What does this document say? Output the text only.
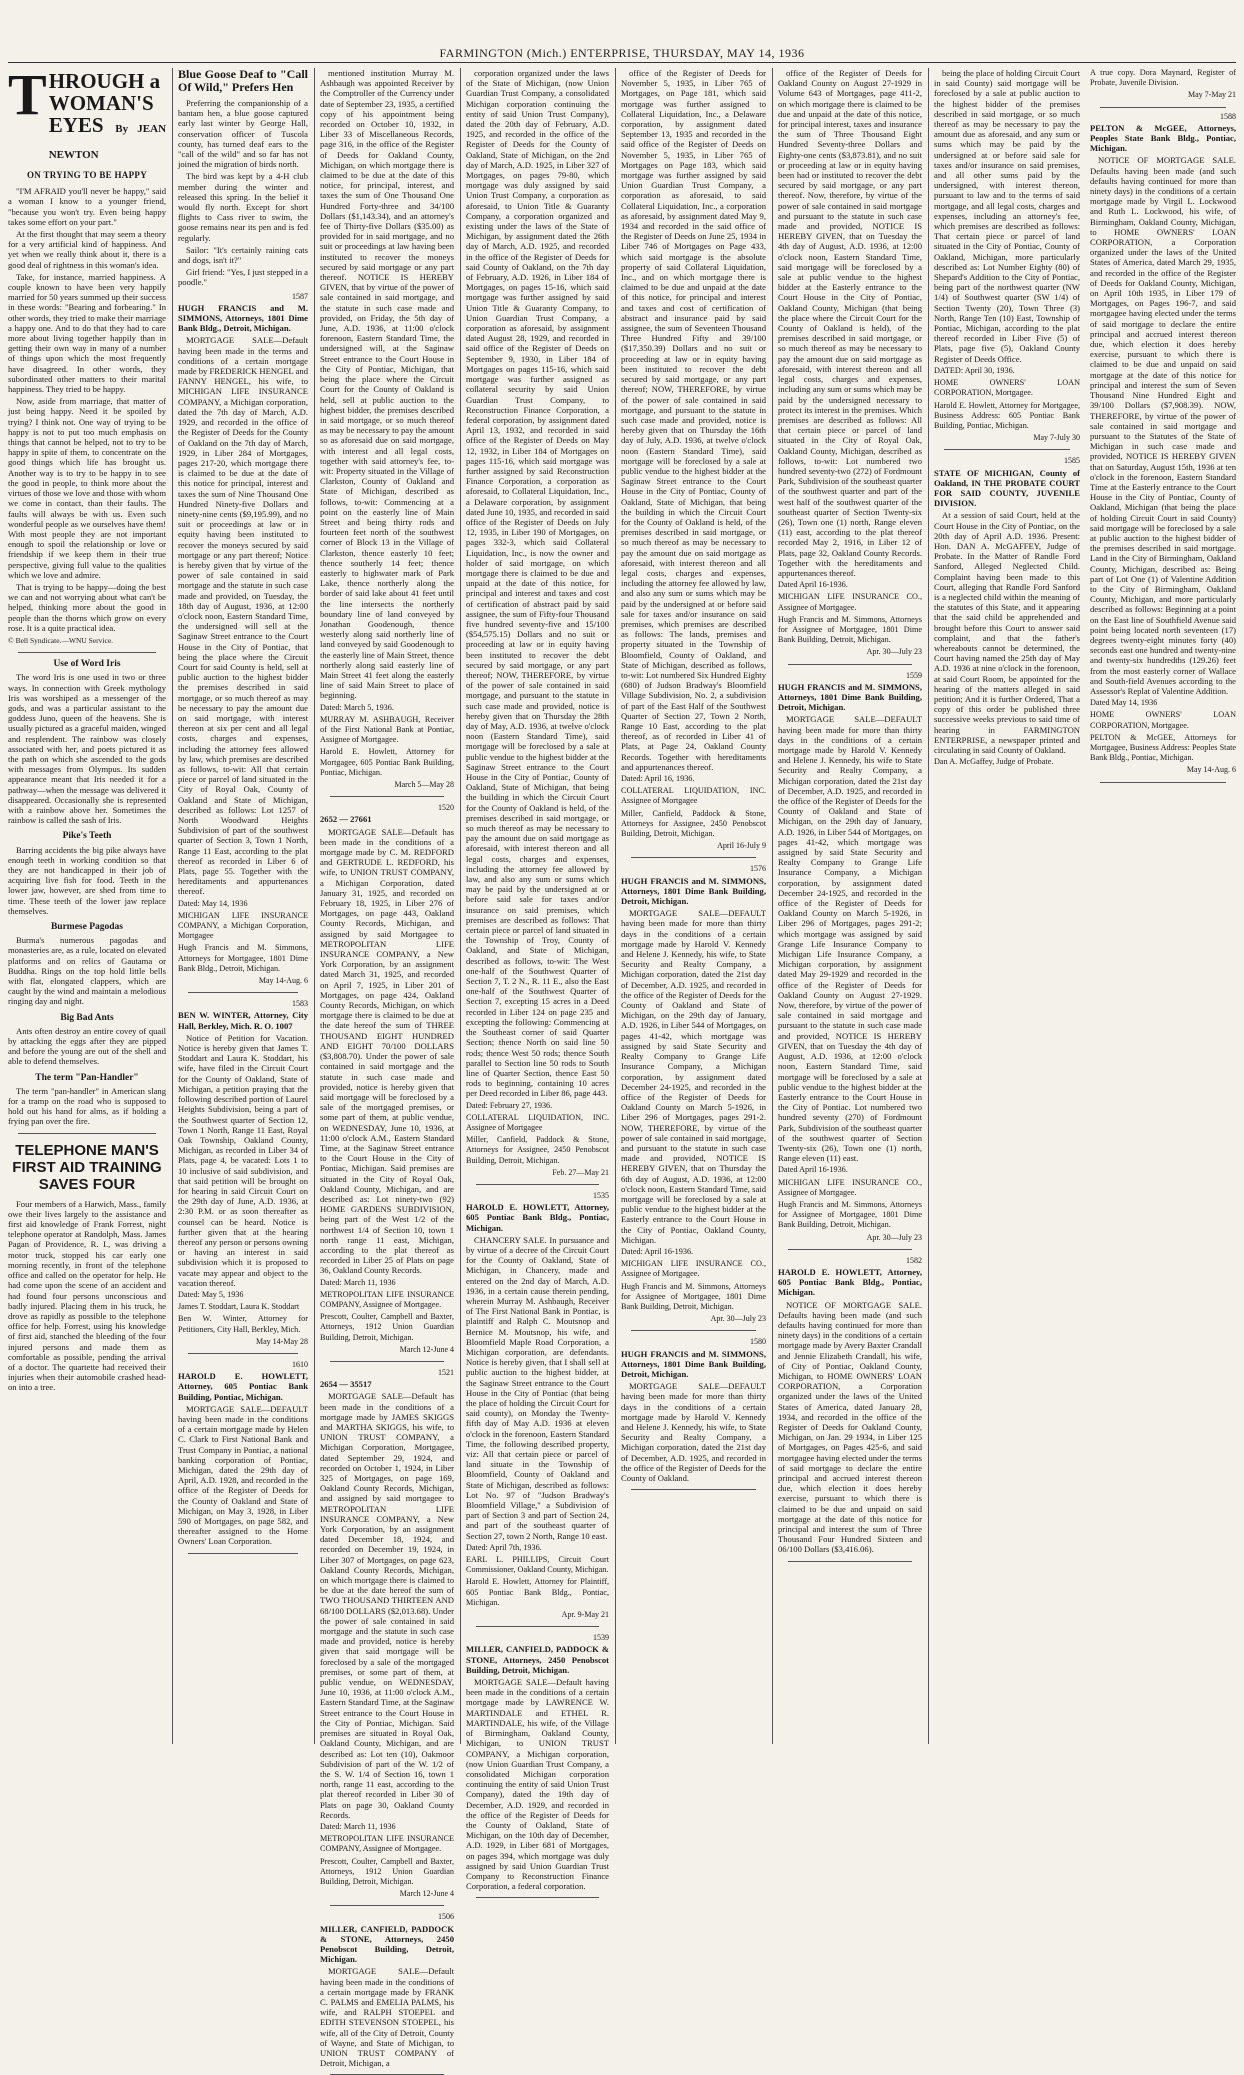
FARMINGTON (Mich.) ENTERPRISE, THURSDAY, MAY 14, 1936
T HROUGH a
WOMAN'S
EYES By JEAN NEWTON
ON TRYING TO BE HAPPY

"I'M AFRAID you'll never be happy," said a woman I know to a younger friend, "because you won't try. Even being happy takes some effort on your part."

At the first thought that may seem a theory for a very artificial kind of happiness. And yet when we really think about it, there is a good deal of rightness in this woman's idea.

Take, for instance, married happiness. A couple known to have been very happily married for 50 years summed up their success in these words: "Bearing and forbearing." In other words, they tried to make their marriage a happy one. And to do that they had to care more about living together happily than in getting their own way in many of a number of things upon which the most frequently have disagreed. In other words, they subordinated other matters to their marital happiness. They tried to be happy.

Now, aside from marriage, that matter of just being happy. Need it be spoiled by trying? I think not. One way of trying to be happy is not to put too much emphasis on things that cannot be helped, not to try to be happy in spite of them, to concentrate on the good things which life has brought us. Another way is to try to be happy in to see the good in people, to think more about the virtues of those we love and those with whom we come in contact, than their faults. The faults will always be with us. Even such wonderful people as we ourselves have them! With most people they are not important enough to spoil the relationship or love or friendship if we keep them in their true perspective, giving full value to the qualities which we love and admire.

That is trying to be happy—doing the best we can and not worrying about what can't be helped, thinking more about the good in people than the thorns which grow on every rose. It is a quite practical idea.

© Bell Syndicate.—WNU Service.
Use of Word Iris

The word Iris is one used in two or three ways. In connection with Greek mythology Iris was worshiped as a messenger of the gods, and was a particular assistant to the goddess Juno, queen of the heavens. She is usually pictured as a graceful maiden, winged and resplendent. The rainbow was closely associated with her, and poets pictured it as the path on which she ascended to the gods with messages from Olympus. Its sudden appearance meant that Iris needed it for a pathway—when the message was delivered it disappeared. Occasionally she is represented with a rainbow above her. Sometimes the rainbow is called the sash of Iris.

Pike's Teeth

Barring accidents the big pike always have enough teeth in working condition so that they are not handicapped in their job of acquiring live fish for food. Teeth in the lower jaw, however, are shed from time to time. These teeth of the lower jaw replace themselves.

Burmese Pagodas

Burma's numerous pagodas and monasteries are, as a rule, located on elevated platforms and on relics of Gautama or Buddha. Rings on the top hold little bells with flat, elongated clappers, which are caught by the wind and maintain a melodious ringing day and night.

Big Bad Ants

Ants often destroy an entire covey of quail by attacking the eggs after they are pipped and before the young are out of the shell and able to defend themselves.

The term "Pan-Handler"

The term "pan-handler" in American slang for a tramp on the road who is supposed to hold out his hand for alms, as if holding a frying pan over the fire.

TELEPHONE MAN'S FIRST AID TRAINING SAVES FOUR

Four members of a Harwich, Mass., family owe their lives largely to the assistance and first aid knowledge of Frank Forrest, night telephone operator at Randolph, Mass. James Pagan of Providence, R. I., was driving a motor truck, stopped his car early one morning recently, in front of the telephone office and called on the operator for help. He had come upon the scene of an accident and had found four persons unconscious and badly injured. Placing them in his truck, he drove as rapidly as possible to the telephone office for help. Forrest, using his knowledge of first aid, stanched the bleeding of the four injured persons and made them as comfortable as possible, pending the arrival of a doctor. The quartette had received their injuries when their automobile crashed head-on into a tree.

Blue Goose Deaf to "Call Of Wild," Prefers Hen

Preferring the companionship of a bantam hen, a blue goose captured early last winter by George Hall, conservation officer of Tuscola county, has turned deaf ears to the "call of the wild" and so far has not joined the migration of birds north.

The bird was kept by a 4-H club member during the winter and released this spring. In the belief it would fly north. Except for short flights to Cass river to swim, the goose remains near its pen and is fed regularly.

Sailor: "It's certainly raining cats and dogs, isn't it?"

Girl friend: "Yes, I just stepped in a poodle."

1587
HUGH FRANCIS and M. SIMMONS, Attorneys, 1801 Dime Bank Bldg., Detroit, Michigan.

MORTGAGE SALE—Default having been made in the terms and conditions of a certain mortgage made by FREDERICK HENGEL and FANNY HENGEL, his wife, to MICHIGAN LIFE INSURANCE COMPANY, a Michigan corporation, dated the 7th day of March, A.D. 1929, and recorded in the office of the Register of Deeds for the County of Oakland on the 7th day of March, 1929, in Liber 284 of Mortgages, pages 217-20, which mortgage there is claimed to be due at the date of this notice for principal, interest and taxes the sum of Nine Thousand One Hundred Ninety-five Dollars and ninety-nine cents ($9,195.99), and no suit or proceedings at law or in equity having been instituted to recover the moneys secured by said mortgage or any part thereof; Notice is hereby given that by virtue of the power of sale contained in said mortgage and the statute in such case made and provided, on Tuesday, the 18th day of August, 1936, at 12:00 o'clock noon, Eastern Standard Time, the undersigned will sell at the Saginaw Street entrance to the Court House in the City of Pontiac, that being the place where the Circuit Court for said County is held, sell at public auction to the highest bidder the premises described in said mortgage, or so much thereof as may be necessary to pay the amount due on said mortgage, with interest thereon at six per cent and all legal costs, charges and expenses, including the attorney fees allowed by law, which premises are described as follows, to-wit: All that certain piece or parcel of land situated in the City of Royal Oak, County of Oakland and State of Michigan, described as follows: Lot 1257 of North Woodward Heights Subdivision of part of the southwest quarter of Section 3, Town 1 North, Range 11 East, according to the plat thereof as recorded in Liber 6 of Plats, page 55. Together with the hereditaments and appurtenances thereof.

Dated: May 14, 1936

MICHIGAN LIFE INSURANCE COMPANY, a Michigan Corporation, Mortgagee

Hugh Francis and M. Simmons, Attorneys for Mortgagee, 1801 Dime Bank Bldg., Detroit, Michigan.

May 14-Aug. 6
1583
BEN W. WINTER, Attorney, City Hall, Berkley, Mich. R. O. 1007

Notice of Petition for Vacation. Notice is hereby given that James T. Stoddart and Laura K. Stoddart, his wife, have filed in the Circuit Court for the County of Oakland, State of Michigan, a petition praying that the following described portion of Laurel Heights Subdivision, being a part of the Southwest quarter of Section 12, Town 1 North, Range 11 East, Royal Oak Township, Oakland County, Michigan, as recorded in Liber 34 of Plats, page 4, be vacated: Lots 1 to 10 inclusive of said subdivision, and that said petition will be brought on for hearing in said Circuit Court on the 29th day of June, A.D. 1936, at 2:30 P.M. or as soon thereafter as counsel can be heard. Notice is further given that at the hearing thereof any person or persons owning or having an interest in said subdivision which it is proposed to vacate may appear and object to the vacation thereof.

Dated: May 5, 1936

James T. Stoddart, Laura K. Stoddart

Ben W. Winter, Attorney for Petitioners, City Hall, Berkley, Mich.

May 14-May 28
1610
HAROLD E. HOWLETT, Attorney, 605 Pontiac Bank Building, Pontiac, Michigan.

MORTGAGE SALE—DEFAULT having been made in the conditions of a certain mortgage made by Helen C. Clark to First National Bank and Trust Company in Pontiac, a national banking corporation of Pontiac, Michigan, dated the 29th day of April, A.D. 1928, and recorded in the office of the Register of Deeds for the County of Oakland and State of Michigan, on May 3, 1928, in Liber 590 of Mortgages, on page 582, and thereafter assigned to the Home Owners' Loan Corporation.

mentioned institution Murray M. Ashbaugh was appointed Receiver by the Comptroller of the Currency under date of September 23, 1935, a certified copy of his appointment being recorded on October 10, 1932, in Liber 33 of Miscellaneous Records, page 316, in the office of the Register of Deeds for Oakland County, Michigan, on which mortgage there is claimed to be due at the date of this notice, for principal, interest, and taxes the sum of One Thousand One Hundred Forty-three and 34/100 Dollars ($1,143.34), and an attorney's fee of Thirty-five Dollars ($35.00) as provided for in said mortgage, and no suit or proceedings at law having been instituted to recover the moneys secured by said mortgage or any part thereof. NOTICE IS HEREBY GIVEN, that by virtue of the power of sale contained in said mortgage, and the statute in such case made and provided, on Friday, the 5th day of June, A.D. 1936, at 11:00 o'clock forenoon, Eastern Standard Time, the undersigned will, at the Saginaw Street entrance to the Court House in the City of Pontiac, Michigan, that being the place where the Circuit Court for the County of Oakland is held, sell at public auction to the highest bidder, the premises described in said mortgage, or so much thereof as may be necessary to pay the amount so as aforesaid due on said mortgage, with interest and all legal costs, together with said attorney's fee, to-wit: Property situated in the Village of Clarkston, County of Oakland and State of Michigan, described as follows, to-wit: Commencing at a point on the easterly line of Main Street and being thirty rods and fourteen feet north of the southwest corner of Block 13 in the Village of Clarkston, thence easterly 10 feet; thence southerly 14 feet; thence easterly to highwater mark of Park Lake, thence northerly along the border of said lake about 41 feet until the line intersects the northerly boundary line of land conveyed by Jonathan Goodenough, thence westerly along said northerly line of land conveyed by said Goodenough to the easterly line of Main Street, thence northerly along said easterly line of Main Street 41 feet along the easterly line of said Main Street to place of beginning.

Dated: March 5, 1936.

MURRAY M. ASHBAUGH, Receiver of the First National Bank at Pontiac, Assignee of Mortgagee.

Harold E. Howlett, Attorney for Mortgagee, 605 Pontiac Bank Building, Pontiac, Michigan.

March 5—May 28
1520
2652 — 27661

MORTGAGE SALE—Default has been made in the conditions of a mortgage made by C. M. REDFORD and GERTRUDE L. REDFORD, his wife, to UNION TRUST COMPANY, a Michigan Corporation, dated January 31, 1925, and recorded on February 18, 1925, in Liber 276 of Mortgages, on page 443, Oakland County Records, Michigan, and assigned by said Mortgagee to METROPOLITAN LIFE INSURANCE COMPANY, a New York Corporation, by an assignment dated March 31, 1925, and recorded on April 7, 1925, in Liber 201 of Mortgages, on page 424, Oakland County Records, Michigan, on which mortgage there is claimed to be due at the date hereof the sum of THREE THOUSAND EIGHT HUNDRED AND EIGHT 70/100 DOLLARS ($3,808.70). Under the power of sale contained in said mortgage and the statute in such case made and provided, notice is hereby given that said mortgage will be foreclosed by a sale of the mortgaged premises, or some part of them, at public vendue, on WEDNESDAY, June 10, 1936, at 11:00 o'clock A.M., Eastern Standard Time, at the Saginaw Street entrance to the Court House in the City of Pontiac, Michigan. Said premises are situated in the City of Royal Oak, Oakland County, Michigan, and are described as: Lot ninety-two (92) HOME GARDENS SUBDIVISION, being part of the West 1/2 of the northwest 1/4 of Section 10, town 1 north range 11 east, Michigan, according to the plat thereof as recorded in Liber 25 of Plats on page 36, Oakland County Records.

Dated: March 11, 1936

METROPOLITAN LIFE INSURANCE COMPANY, Assignee of Mortgagee.

Prescott, Coulter, Campbell and Baxter, Attorneys, 1912 Union Guardian Building, Detroit, Michigan.

March 12-June 4
1521
2654 — 35517

MORTGAGE SALE—Default has been made in the conditions of a mortgage made by JAMES SKIGGS and MARTHA SKIGGS, his wife, to UNION TRUST COMPANY, a Michigan Corporation, Mortgagee, dated September 29, 1924, and recorded on October 1, 1924, in Liber 325 of Mortgages, on page 169, Oakland County Records, Michigan, and assigned by said mortgagee to METROPOLITAN LIFE INSURANCE COMPANY, a New York Corporation, by an assignment dated December 18, 1924, and recorded on December 19, 1924, in Liber 307 of Mortgages, on page 623, Oakland County Records, Michigan, on which mortgage there is claimed to be due at the date hereof the sum of TWO THOUSAND THIRTEEN AND 68/100 DOLLARS ($2,013.68). Under the power of sale contained in said mortgage and the statute in such case made and provided, notice is hereby given that said mortgage will be foreclosed by a sale of the mortgaged premises, or some part of them, at public vendue, on WEDNESDAY, June 10, 1936, at 11:00 o'clock A.M., Eastern Standard Time, at the Saginaw Street entrance to the Court House in the City of Pontiac, Michigan. Said premises are situated in Royal Oak, Oakland County, Michigan, and are described as: Lot ten (10), Oakmoor Subdivision of part of the W. 1/2 of the S. W. 1/4 of Section 16, town 1 north, range 11 east, according to the plat thereof recorded in Liber 30 of Plats on page 30, Oakland County Records.

Dated: March 11, 1936

METROPOLITAN LIFE INSURANCE COMPANY, Assignee of Mortgagee.

Prescott, Coulter, Campbell and Baxter, Attorneys, 1912 Union Guardian Building, Detroit, Michigan.

March 12-June 4
1506
MILLER, CANFIELD, PADDOCK & STONE, Attorneys, 2450 Penobscot Building, Detroit, Michigan.

MORTGAGE SALE—Default having been made in the conditions of a certain mortgage made by FRANK C. PALMS and EMELIA PALMS, his wife, and RALPH STOEPEL and EDITH STEVENSON STOEPEL, his wife, all of the City of Detroit, County of Wayne, and State of Michigan, to UNION TRUST COMPANY of Detroit, Michigan, a

corporation organized under the laws of the State of Michigan, (now Union Guardian Trust Company, a consolidated Michigan corporation continuing the entity of said Union Trust Company), dated the 20th day of February, A.D. 1925, and recorded in the office of the Register of Deeds for the County of Oakland, State of Michigan, on the 2nd day of March, A.D. 1925, in Liber 327 of Mortgages, on pages 79-80, which mortgage was duly assigned by said Union Trust Company, a corporation as aforesaid, to Union Title & Guaranty Company, a corporation organized and existing under the laws of the State of Michigan, by assignment dated the 26th day of March, A.D. 1925, and recorded in the office of the Register of Deeds for said County of Oakland, on the 7th day of February, A.D. 1926, in Liber 184 of Mortgages, on pages 15-16, which said mortgage was further assigned by said Union Title & Guaranty Company, to Union Guardian Trust Company, a corporation as aforesaid, by assignment dated August 28, 1929, and recorded in said office of the Register of Deeds on September 9, 1930, in Liber 184 of Mortgages on pages 115-16, which said mortgage was further assigned as collateral security by said Union Guardian Trust Company, to Reconstruction Finance Corporation, a federal corporation, by assignment dated April 13, 1932, and recorded in said office of the Register of Deeds on May 12, 1932, in Liber 184 of Mortgages on pages 115-16, which said mortgage was further assigned by said Reconstruction Finance Corporation, a corporation as aforesaid, to Collateral Liquidation, Inc., a Delaware corporation, by assignment dated June 10, 1935, and recorded in said office of the Register of Deeds on July 12, 1935, in Liber 190 of Mortgages, on pages 332-3, which said Collateral Liquidation, Inc., is now the owner and holder of said mortgage, on which mortgage there is claimed to be due and unpaid at the date of this notice, for principal and interest and taxes and cost of certification of abstract paid by said assignee, the sum of Fifty-four Thousand five hundred seventy-five and 15/100 ($54,575.15) Dollars and no suit or proceeding at law or in equity having been instituted to recover the debt secured by said mortgage, or any part thereof; NOW, THEREFORE, by virtue of the power of sale contained in said mortgage, and pursuant to the statute in such case made and provided, notice is hereby given that on Thursday the 28th day of May, A.D. 1936, at twelve o'clock noon (Eastern Standard Time), said mortgage will be foreclosed by a sale at public vendue to the highest bidder at the Saginaw Street entrance to the Court House in the City of Pontiac, County of Oakland, State of Michigan, that being the building in which the Circuit Court for the County of Oakland is held, of the premises described in said mortgage, or so much thereof as may be necessary to pay the amount due on said mortgage as aforesaid, with interest thereon and all legal costs, charges and expenses, including the attorney fee allowed by law, and also any sum or sums which may be paid by the undersigned at or before said sale for taxes and/or insurance on said premises, which premises are described as follows: That certain piece or parcel of land situated in the Township of Troy, County of Oakland, and State of Michigan, described as follows, to-wit: The West one-half of the Southwest Quarter of Section 7, T. 2 N., R. 11 E., also the East one-half of the Southwest Quarter of Section 7, excepting 15 acres in a Deed recorded in Liber 124 on page 235 and excepting the following: Commencing at the Southeast corner of said Quarter Section; thence North on said line 50 rods; thence West 50 rods; thence South parallel to Section line 50 rods to South line of Quarter Section, thence East 50 rods to beginning, containing 10 acres per Deed recorded in Liber 86, page 443.

Dated: February 27, 1936.

COLLATERAL LIQUIDATION, INC. Assignee of Mortgagee

Miller, Canfield, Paddock & Stone, Attorneys for Assignee, 2450 Penobscot Building, Detroit, Michigan.

Feb. 27—May 21
1535
HAROLD E. HOWLETT, Attorney, 605 Pontiac Bank Bldg., Pontiac, Michigan.

CHANCERY SALE. In pursuance and by virtue of a decree of the Circuit Court for the County of Oakland, State of Michigan, in Chancery, made and entered on the 2nd day of March, A.D. 1936, in a certain cause therein pending, wherein Murray M. Ashbaugh, Receiver of The First National Bank in Pontiac, is plaintiff and Ralph C. Moutsnop and Bernice M. Moutsnop, his wife, and Bloomfield Maple Road Corporation, a Michigan corporation, are defendants. Notice is hereby given, that I shall sell at public auction to the highest bidder, at the Saginaw Street entrance to the Court House in the City of Pontiac (that being the place of holding the Circuit Court for said county), on Monday the Twenty-fifth day of May A.D. 1936 at eleven o'clock in the forenoon, Eastern Standard Time, the following described property, viz: All that certain piece or parcel of land situate in the Township of Bloomfield, County of Oakland and State of Michigan, described as follows: Lot No. 97 of "Judson Bradway's Bloomfield Village," a Subdivision of part of Section 3 and part of Section 24, and part of the southeast quarter of Section 27, town 2 North, Range 10 east.

Dated: April 7th, 1936.

EARL L. PHILLIPS, Circuit Court Commissioner, Oakland County, Michigan.

Harold E. Howlett, Attorney for Plaintiff, 605 Pontiac Bank Bldg., Pontiac, Michigan.

Apr. 9-May 21
1539
MILLER, CANFIELD, PADDOCK & STONE, Attorneys, 2450 Penobscot Building, Detroit, Michigan.

MORTGAGE SALE—Default having been made in the conditions of a certain mortgage made by LAWRENCE W. MARTINDALE and ETHEL R. MARTINDALE, his wife, of the Village of Birmingham, Oakland County, Michigan, to UNION TRUST COMPANY, a Michigan corporation, (now Union Guardian Trust Company, a consolidated Michigan corporation continuing the entity of said Union Trust Company), dated the 19th day of December, A.D. 1929, and recorded in the office of the Register of Deeds for the County of Oakland, State of Michigan, on the 10th day of December, A.D. 1929, in Liber 681 of Mortgages, on pages 394, which mortgage was duly assigned by said Union Guardian Trust Company to Reconstruction Finance Corporation, a federal corporation.

office of the Register of Deeds for November 5, 1935, in Liber 765 of Mortgages, on Page 181, which said mortgage was further assigned to Collateral Liquidation, Inc., a Delaware corporation, by assignment dated September 13, 1935 and recorded in the said office of the Register of Deeds on November 5, 1935, in Liber 765 of Mortgages on Page 183, which said mortgage was further assigned by said Union Guardian Trust Company, a corporation as aforesaid, to said Collateral Liquidation, Inc., a corporation as aforesaid, by assignment dated May 9, 1934 and recorded in the said office of the Register of Deeds on June 25, 1934 in Liber 746 of Mortgages on Page 433, which said mortgage is the absolute property of said Collateral Liquidation, Inc., and on which mortgage there is claimed to be due and unpaid at the date of this notice, for principal and interest and taxes and cost of certification of abstract and insurance paid by said assignee, the sum of Seventeen Thousand Three Hundred Fifty and 39/100 ($17,350.39) Dollars and no suit or proceeding at law or in equity having been instituted to recover the debt secured by said mortgage, or any part thereof; NOW, THEREFORE, by virtue of the power of sale contained in said mortgage, and pursuant to the statute in such case made and provided, notice is hereby given that on Thursday the 16th day of July, A.D. 1936, at twelve o'clock noon (Eastern Standard Time), said mortgage will be foreclosed by a sale at public vendue to the highest bidder at the Saginaw Street entrance to the Court House in the City of Pontiac, County of Oakland, State of Michigan, that being the building in which the Circuit Court for the County of Oakland is held, of the premises described in said mortgage, or so much thereof as may be necessary to pay the amount due on said mortgage as aforesaid, with interest thereon and all legal costs, charges and expenses, including the attorney fee allowed by law, and also any sum or sums which may be paid by the undersigned at or before said sale for taxes and/or insurance on said premises, which premises are described as follows: The lands, premises and property situated in the Township of Bloomfield, County of Oakland, and State of Michigan, described as follows, to-wit: Lot numbered Six Hundred Eighty (680) of Judson Bradway's Bloomfield Village Subdivision, No. 2, a subdivision of part of the East Half of the Southwest Quarter of Section 27, Town 2 North, Range 10 East, according to the plat thereof, as of recorded in Liber 41 of Plats, at Page 24, Oakland County Records. Together with hereditaments and appurtenances thereof.

Dated: April 16, 1936.

COLLATERAL LIQUIDATION, INC. Assignee of Mortgagee

Miller, Canfield, Paddock & Stone, Attorneys for Assignee, 2450 Penobscot Building, Detroit, Michigan.

April 16-July 9
1576
HUGH FRANCIS and M. SIMMONS, Attorneys, 1801 Dime Bank Building, Detroit, Michigan.

MORTGAGE SALE—DEFAULT having been made for more than thirty days in the conditions of a certain mortgage made by Harold V. Kennedy and Helene J. Kennedy, his wife, to State Security and Realty Company, a Michigan corporation, dated the 21st day of December, A.D. 1925, and recorded in the office of the Register of Deeds for the County of Oakland and State of Michigan, on the 29th day of January, A.D. 1926, in Liber 544 of Mortgages, on pages 41-42, which mortgage was assigned by said State Security and Realty Company to Grange Life Insurance Company, a Michigan corporation, by assignment dated December 24-1925, and recorded in the office of the Register of Deeds for Oakland County on March 5-1926, in Liber 296 of Mortgages, pages 291-2. NOW, THEREFORE, by virtue of the power of sale contained in said mortgage, and pursuant to the statute in such case made and provided, NOTICE IS HEREBY GIVEN, that on Thursday the 6th day of August, A.D. 1936, at 12:00 o'clock noon, Eastern Standard Time, said mortgage will be foreclosed by a sale at public vendue to the highest bidder at the Easterly entrance to the Court House in the City of Pontiac, Oakland County, Michigan.

Dated: April 16-1936.

MICHIGAN LIFE INSURANCE CO., Assignee of Mortgagee.

Hugh Francis and M. Simmons, Attorneys for Assignee of Mortgagee, 1801 Dime Bank Building, Detroit, Michigan.

Apr. 30—July 23
1580
HUGH FRANCIS and M. SIMMONS, Attorneys, 1801 Dime Bank Building, Detroit, Michigan.

MORTGAGE SALE—DEFAULT having been made for more than thirty days in the conditions of a certain mortgage made by Harold V. Kennedy and Helene J. Kennedy, his wife, to State Security and Realty Company, a Michigan corporation, dated the 21st day of December, A.D. 1925, and recorded in the office of the Register of Deeds for the County of Oakland.

office of the Register of Deeds for Oakland County on August 27-1929 in Volume 643 of Mortgages, page 411-2, on which mortgage there is claimed to be due and unpaid at the date of this notice, for principal interest, taxes and insurance the sum of Three Thousand Eight Hundred Seventy-three Dollars and Eighty-one cents ($3,873.81), and no suit or proceeding at law or in equity having been had or instituted to recover the debt secured by said mortgage, or any part thereof. Now, therefore, by virtue of the power of sale contained in said mortgage and pursuant to the statute in such case made and provided, NOTICE IS HEREBY GIVEN, that on Tuesday the 4th day of August, A.D. 1936, at 12:00 o'clock noon, Eastern Standard Time, said mortgage will be foreclosed by a sale at public vendue to the highest bidder at the Easterly entrance to the Court House in the City of Pontiac, Oakland County, Michigan (that being the place where the Circuit Court for the County of Oakland is held), of the premises described in said mortgage, or so much thereof as may be necessary to pay the amount due on said mortgage as aforesaid, with interest thereon and all legal costs, charges and expenses, including any sum or sums which may be paid by the undersigned necessary to protect its interest in the premises. Which premises are described as follows: All that certain piece or parcel of land situated in the City of Royal Oak, Oakland County, Michigan, described as follows, to-wit: Lot numbered two hundred seventy-two (272) of Fordmount Park, Subdivision of the southeast quarter of the southwest quarter and part of the west half of the southwest quarter of the southeast quarter of Section Twenty-six (26), Town one (1) north, Range eleven (11) east, according to the plat thereof recorded May 2, 1916, in Liber 12 of Plats, page 32, Oakland County Records. Together with the hereditaments and appurtenances thereof.

Dated April 16-1936.

MICHIGAN LIFE INSURANCE CO., Assignee of Mortgagee.

Hugh Francis and M. Simmons, Attorneys for Assignee of Mortgagee, 1801 Dime Bank Building, Detroit, Michigan.

Apr. 30—July 23
1559
HUGH FRANCIS and M. SIMMONS, Attorneys, 1801 Dime Bank Building, Detroit, Michigan.

MORTGAGE SALE—DEFAULT having been made for more than thirty days in the conditions of a certain mortgage made by Harold V. Kennedy and Helene J. Kennedy, his wife to State Security and Realty Company, a Michigan corporation, dated the 21st day of December, A.D. 1925, and recorded in the office of the Register of Deeds for the County of Oakland and State of Michigan, on the 29th day of January, A.D. 1926, in Liber 544 of Mortgages, on pages 41-42, which mortgage was assigned by said State Security and Realty Company to Grange Life Insurance Company, a Michigan corporation, by assignment dated December 24-1925, and recorded in the office of the Register of Deeds for Oakland County on March 5-1926, in Liber 296 of Mortgages, pages 291-2; which mortgage was assigned by said Grange Life Insurance Company to Michigan Life Insurance Company, a Michigan corporation, by assignment dated May 29-1929 and recorded in the office of the Register of Deeds for Oakland County on August 27-1929. Now, therefore, by virtue of the power of sale contained in said mortgage and pursuant to the statute in such case made and provided, NOTICE IS HEREBY GIVEN, that on Tuesday the 4th day of August, A.D. 1936, at 12:00 o'clock noon, Eastern Standard Time, said mortgage will be foreclosed by a sale at public vendue to the highest bidder at the Easterly entrance to the Court House in the City of Pontiac. Lot numbered two hundred seventy (270) of Fordmount Park, Subdivision of the southeast quarter of the southwest quarter of Section Twenty-six (26), Town one (1) north, Range eleven (11) east.

Dated April 16-1936.

MICHIGAN LIFE INSURANCE CO., Assignee of Mortgagee.

Hugh Francis and M. Simmons, Attorneys for Assignee of Mortgagee, 1801 Dime Bank Building, Detroit, Michigan.

Apr. 30—July 23
1582
HAROLD E. HOWLETT, Attorney, 605 Pontiac Bank Bldg., Pontiac, Michigan.

NOTICE OF MORTGAGE SALE. Defaults having been made (and such defaults having continued for more than ninety days) in the conditions of a certain mortgage made by Avery Baxter Crandall and Jennie Elizabeth Crandall, his wife, of City of Pontiac, Oakland County, Michigan, to HOME OWNERS' LOAN CORPORATION, a Corporation organized under the laws of the United States of America, dated January 28, 1934, and recorded in the office of the Register of Deeds for Oakland County, Michigan, on Jan. 29 1934, in Liber 125 of Mortgages, on Pages 425-6, and said mortgagee having elected under the terms of said mortgage to declare the entire principal and accrued interest thereon due, which election it does hereby exercise, pursuant to which there is claimed to be due and unpaid on said mortgage at the date of this notice for principal and interest the sum of Three Thousand Four Hundred Sixteen and 06/100 Dollars ($3,416.06).

being the place of holding Circuit Court in said County) said mortgage will be foreclosed by a sale at public auction to the highest bidder of the premises described in said mortgage, or so much thereof as may be necessary to pay the amount due as aforesaid, and any sum or sums which may be paid by the undersigned at or before said sale for taxes and/or insurance on said premises, and all other sums paid by the undersigned, with interest thereon, pursuant to law and to the terms of said mortgage, and all legal costs, charges and expenses, including an attorney's fee, which premises are described as follows: That certain piece or parcel of land situated in the City of Pontiac, County of Oakland, Michigan, more particularly described as: Lot Number Eighty (80) of Shepard's Addition to the City of Pontiac, being part of the northwest quarter (NW 1/4) of Southwest quarter (SW 1/4) of Section Twenty (20), Town Three (3) North, Range Ten (10) East, Township of Pontiac, Michigan, according to the plat thereof recorded in Liber Five (5) of Plats, page five (5), Oakland County Register of Deeds Office.

DATED: April 30, 1936.

HOME OWNERS' LOAN CORPORATION, Mortgagee.

Harold E. Howlett, Attorney for Mortgagee, Business Address: 605 Pontiac Bank Building, Pontiac, Michigan.

May 7-July 30
1585
STATE OF MICHIGAN, County of Oakland, IN THE PROBATE COURT FOR SAID COUNTY, JUVENILE DIVISION.

At a session of said Court, held at the Court House in the City of Pontiac, on the 20th day of April A.D. 1936. Present: Hon. DAN A. McGAFFEY, Judge of Probate. In the Matter of Randle Ford Sanford, Alleged Neglected Child. Complaint having been made to this Court, alleging that Randle Ford Sanford is a neglected child within the meaning of the statutes of this State, and it appearing that the said child be apprehended and brought before this Court to answer said complaint, and that the father's whereabouts cannot be determined, the Court having named the 25th day of May A.D. 1936 at nine o'clock in the forenoon, at said Court Room, be appointed for the hearing of the matters alleged in said petition; And it is further Ordered, That a copy of this order be published three successive weeks previous to said time of hearing in FARMINGTON ENTERPRISE, a newspaper printed and circulating in said County of Oakland.

Dan A. McGaffey, Judge of Probate.

A true copy. Dora Maynard, Register of Probate, Juvenile Division.

May 7-May 21
1588
PELTON & McGEE, Attorneys, Peoples State Bank Bldg., Pontiac, Michigan.

NOTICE OF MORTGAGE SALE. Defaults having been made (and such defaults having continued for more than ninety days) in the conditions of a certain mortgage made by Virgil L. Lockwood and Ruth L. Lockwood, his wife, of Birmingham, Oakland County, Michigan, to HOME OWNERS' LOAN CORPORATION, a Corporation organized under the laws of the United States of America, dated March 29, 1935, and recorded in the office of the Register of Deeds for Oakland County, Michigan, on April 10th 1935, in Liber 179 of Mortgages, on Pages 196-7, and said mortgagee having elected under the terms of said mortgage to declare the entire principal and accrued interest thereon due, which election it does hereby exercise, pursuant to which there is claimed to be due and unpaid on said mortgage at the date of this notice for principal and interest the sum of Seven Thousand Nine Hundred Eight and 39/100 Dollars ($7,908.39). NOW, THEREFORE, by virtue of the power of sale contained in said mortgage and pursuant to the Statutes of the State of Michigan in such case made and provided, NOTICE IS HEREBY GIVEN that on Saturday, August 15th, 1936 at ten o'clock in the forenoon, Eastern Standard Time at the Easterly entrance to the Court House in the City of Pontiac, County of Oakland, Michigan (that being the place of holding Circuit Court in said County) said mortgage will be foreclosed by a sale at public auction to the highest bidder of the premises described in said mortgage. Land in the City of Birmingham, Oakland County, Michigan, described as: Being part of Lot One (1) of Valentine Addition to the City of Birmingham, Oakland County, Michigan, and more particularly described as follows: Beginning at a point on the East line of Southfield Avenue said point being located north seventeen (17) degrees twenty-eight minutes forty (40) seconds east one hundred and twenty-nine and twenty-six hundredths (129.26) feet from the most easterly corner of Wallace and South-field Avenues according to the Assessor's Replat of Valentine Addition.

Dated May 14, 1936

HOME OWNERS' LOAN CORPORATION, Mortgagee.

PELTON & McGEE, Attorneys for Mortgagee, Business Address: Peoples State Bank Bldg., Pontiac, Michigan.

May 14-Aug. 6
